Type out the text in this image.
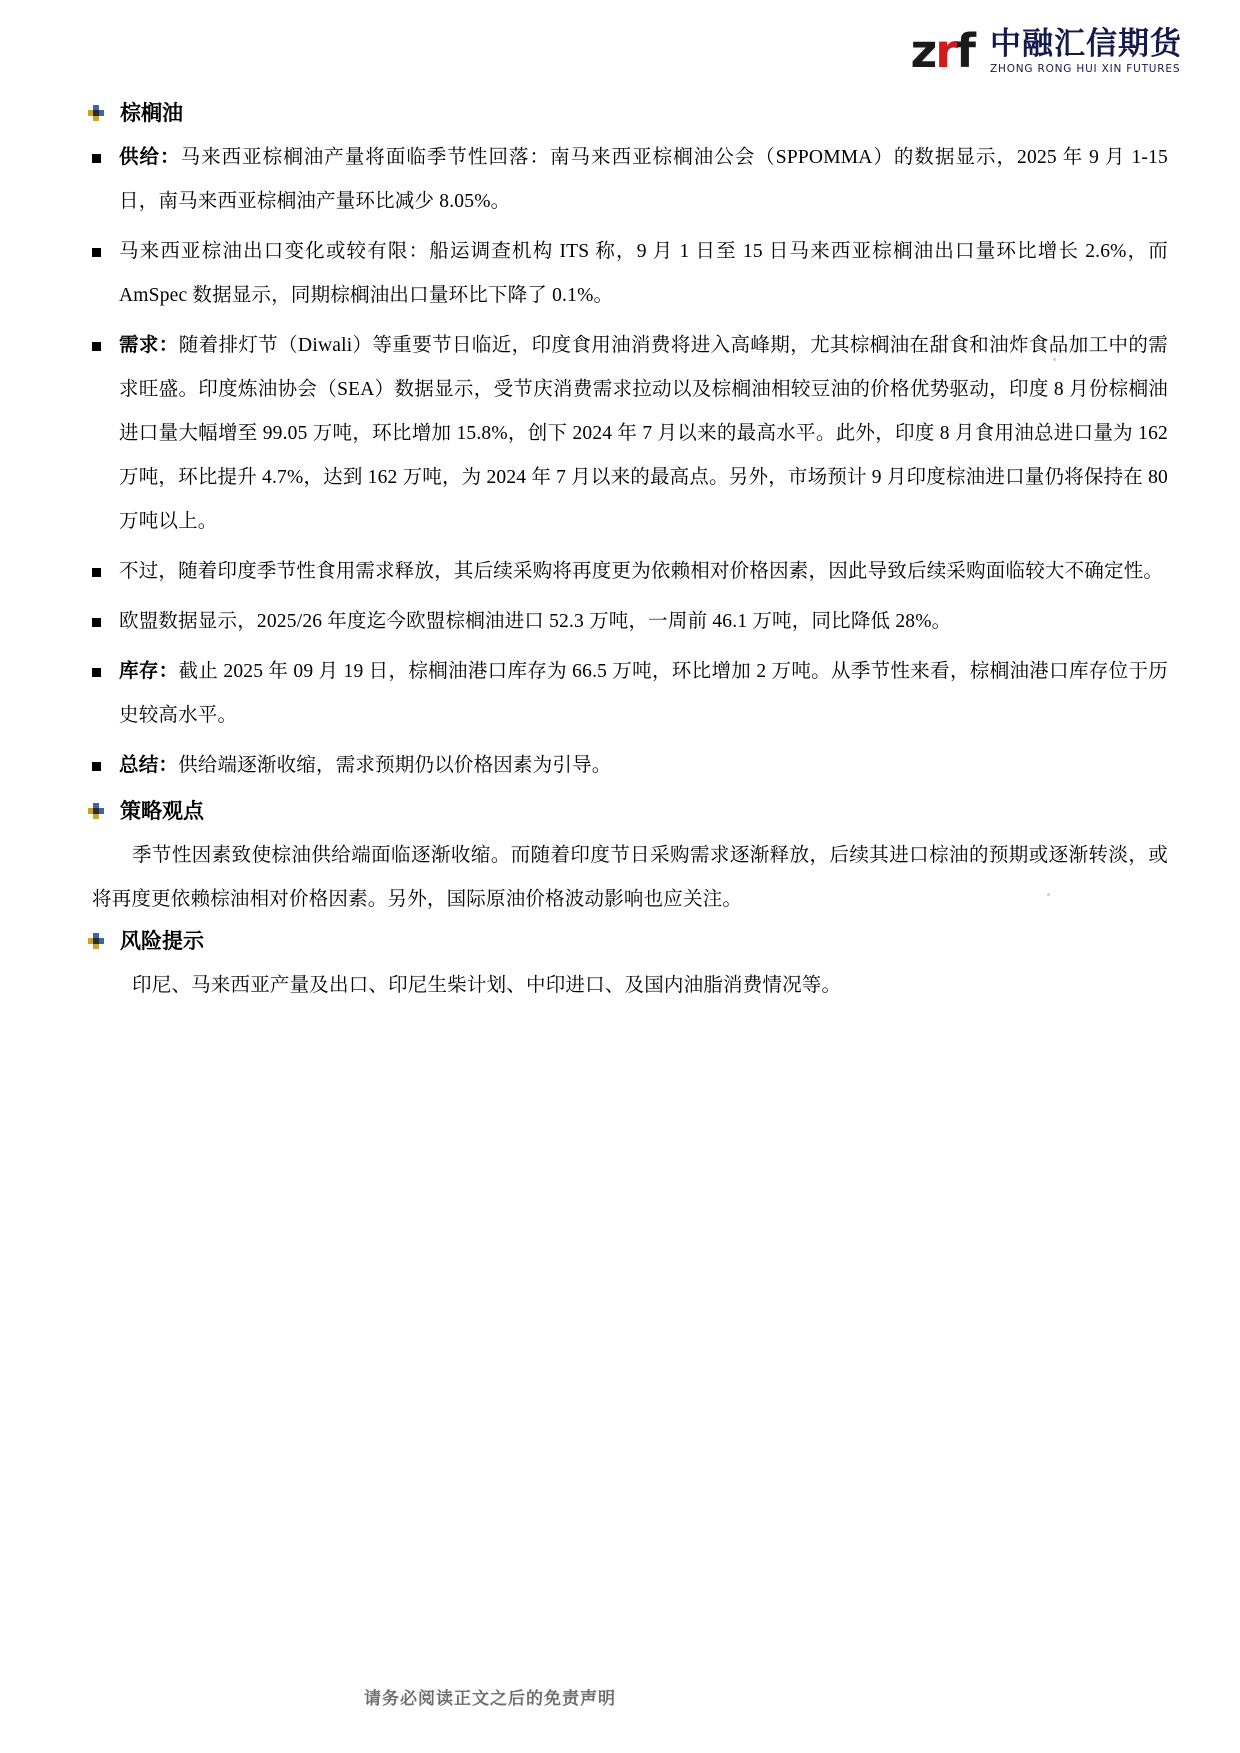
zrf 中融汇信期货
ZHONG RONG HUI XIN FUTURES
棕榈油
供给：马来西亚棕榈油产量将面临季节性回落：南马来西亚棕榈油公会（SPPOMMA）的数据显示，2025 年 9 月 1-15 日，南马来西亚棕榈油产量环比减少 8.05%。
马来西亚棕油出口变化或较有限：船运调查机构 ITS 称，9 月 1 日至 15 日马来西亚棕榈油出口量环比增长 2.6%，而 AmSpec 数据显示，同期棕榈油出口量环比下降了 0.1%。
需求：随着排灯节（Diwali）等重要节日临近，印度食用油消费将进入高峰期，尤其棕榈油在甜食和油炸食品加工中的需求旺盛。印度炼油协会（SEA）数据显示，受节庆消费需求拉动以及棕榈油相较豆油的价格优势驱动，印度 8 月份棕榈油进口量大幅增至 99.05 万吨，环比增加 15.8%，创下 2024 年 7 月以来的最高水平。此外，印度 8 月食用油总进口量为 162 万吨，环比提升 4.7%，达到 162 万吨，为 2024 年 7 月以来的最高点。另外，市场预计 9 月印度棕油进口量仍将保持在 80 万吨以上。
不过，随着印度季节性食用需求释放，其后续采购将再度更为依赖相对价格因素，因此导致后续采购面临较大不确定性。
欧盟数据显示，2025/26 年度迄今欧盟棕榈油进口 52.3 万吨，一周前 46.1 万吨，同比降低 28%。
库存：截止 2025 年 09 月 19 日，棕榈油港口库存为 66.5 万吨，环比增加 2 万吨。从季节性来看，棕榈油港口库存位于历史较高水平。
总结：供给端逐渐收缩，需求预期仍以价格因素为引导。
策略观点

季节性因素致使棕油供给端面临逐渐收缩。而随着印度节日采购需求逐渐释放，后续其进口棕油的预期或逐渐转淡，或将再度更依赖棕油相对价格因素。另外，国际原油价格波动影响也应关注。

风险提示

印尼、马来西亚产量及出口、印尼生柴计划、中印进口、及国内油脂消费情况等。

请务必阅读正文之后的免责声明
